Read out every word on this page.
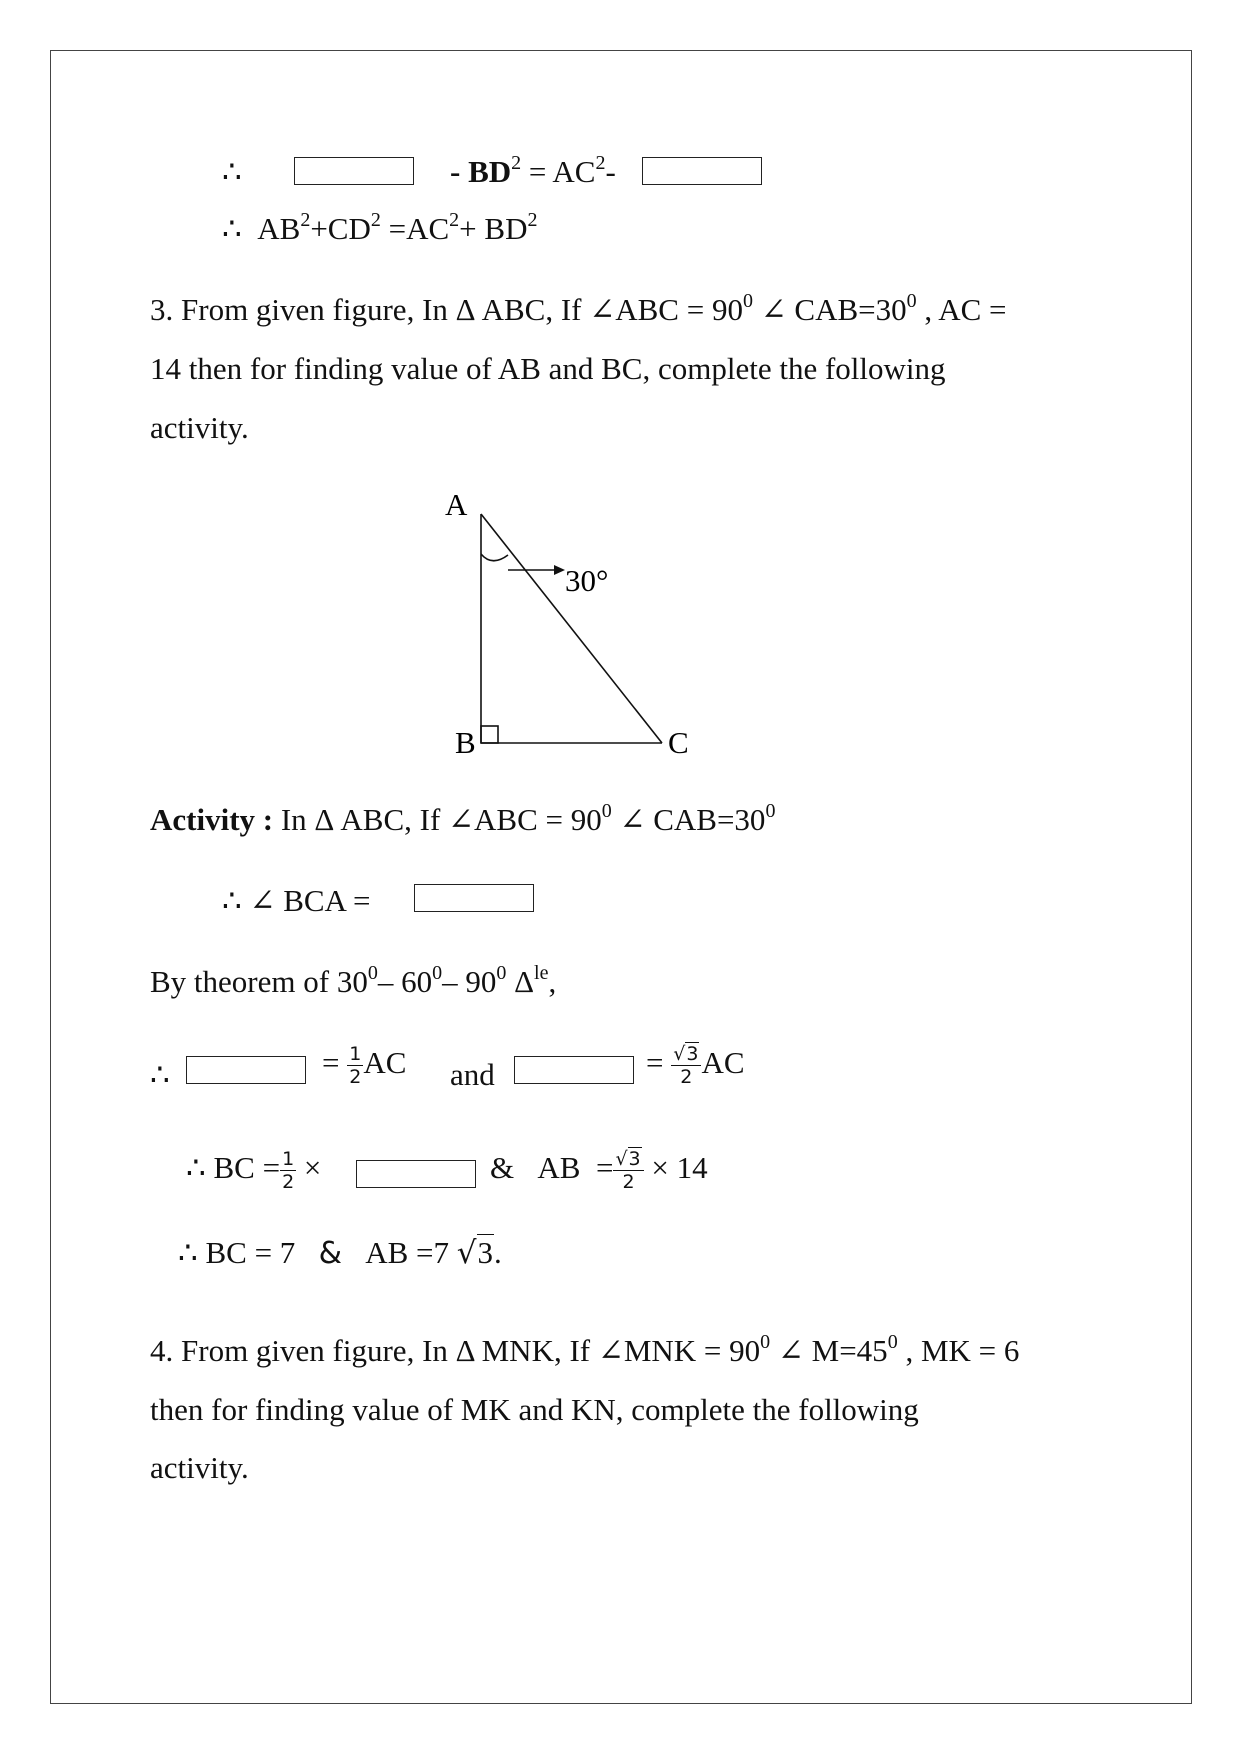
∴	- $BD^2 = AC^2-$
∴ $AB^2+CD^2 =AC^2+ BD^2$
3. From given figure, In Δ ABC, If ∠ABC = $90^0$ ∠ $CAB=30^0$ , AC =
14 then for finding value of AB and BC, complete the following
activity.
A
B	C
30°
Activity : In Δ ABC, If ∠ABC = $90^0$ ∠ $CAB=30^0$
∴ ∠ BCA =
By theorem of $30^0-$ $60^0-$ $90^0$ $\Delta^{le}$,
∴	= $\frac{1}{2}$ AC and	= $\frac{√3}{2}$ AC
∴ BC = $\frac{1}{2}$ ×	& AB = $\frac{√3}{2} \times 14$
∴ BC = 7 & AB =7 √3.
4. From given figure, In Δ MNK, If ∠MNK = $90^0$ ∠ $M=45^0$ , MK = 6
then for finding value of MK and KN, complete the following
activity.
